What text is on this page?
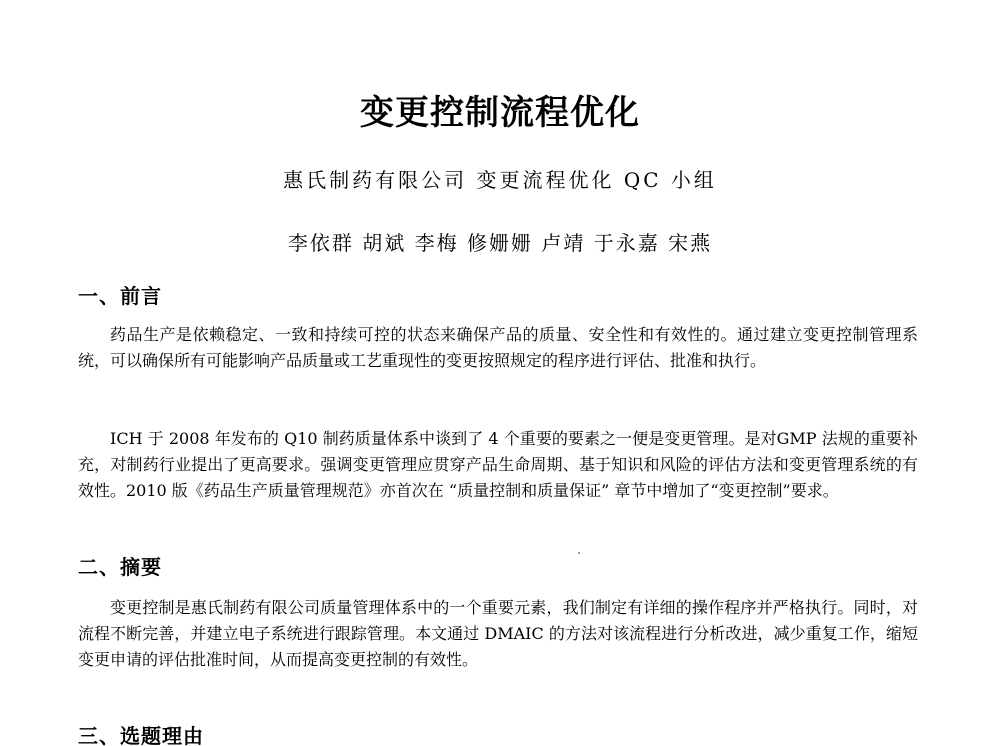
变更控制流程优化
惠氏制药有限公司 变更流程优化 QC 小组
李依群 胡斌 李梅 修姗姗 卢靖 于永嘉 宋燕
一、前言

药品生产是依赖稳定、一致和持续可控的状态来确保产品的质量、安全性和有效性的。通过建立变更控制管理系统，可以确保所有可能影响产品质量或工艺重现性的变更按照规定的程序进行评估、批准和执行。

ICH 于 2008 年发布的 Q10 制药质量体系中谈到了 4 个重要的要素之一便是变更管理。是对GMP 法规的重要补充，对制药行业提出了更高要求。强调变更管理应贯穿产品生命周期、基于知识和风险的评估方法和变更管理系统的有效性。2010 版《药品生产质量管理规范》亦首次在 “质量控制和质量保证” 章节中增加了“变更控制”要求。

二、摘要

变更控制是惠氏制药有限公司质量管理体系中的一个重要元素，我们制定有详细的操作程序并严格执行。同时，对流程不断完善，并建立电子系统进行跟踪管理。本文通过 DMAIC 的方法对该流程进行分析改进，减少重复工作，缩短变更申请的评估批准时间，从而提高变更控制的有效性。

三、选题理由
